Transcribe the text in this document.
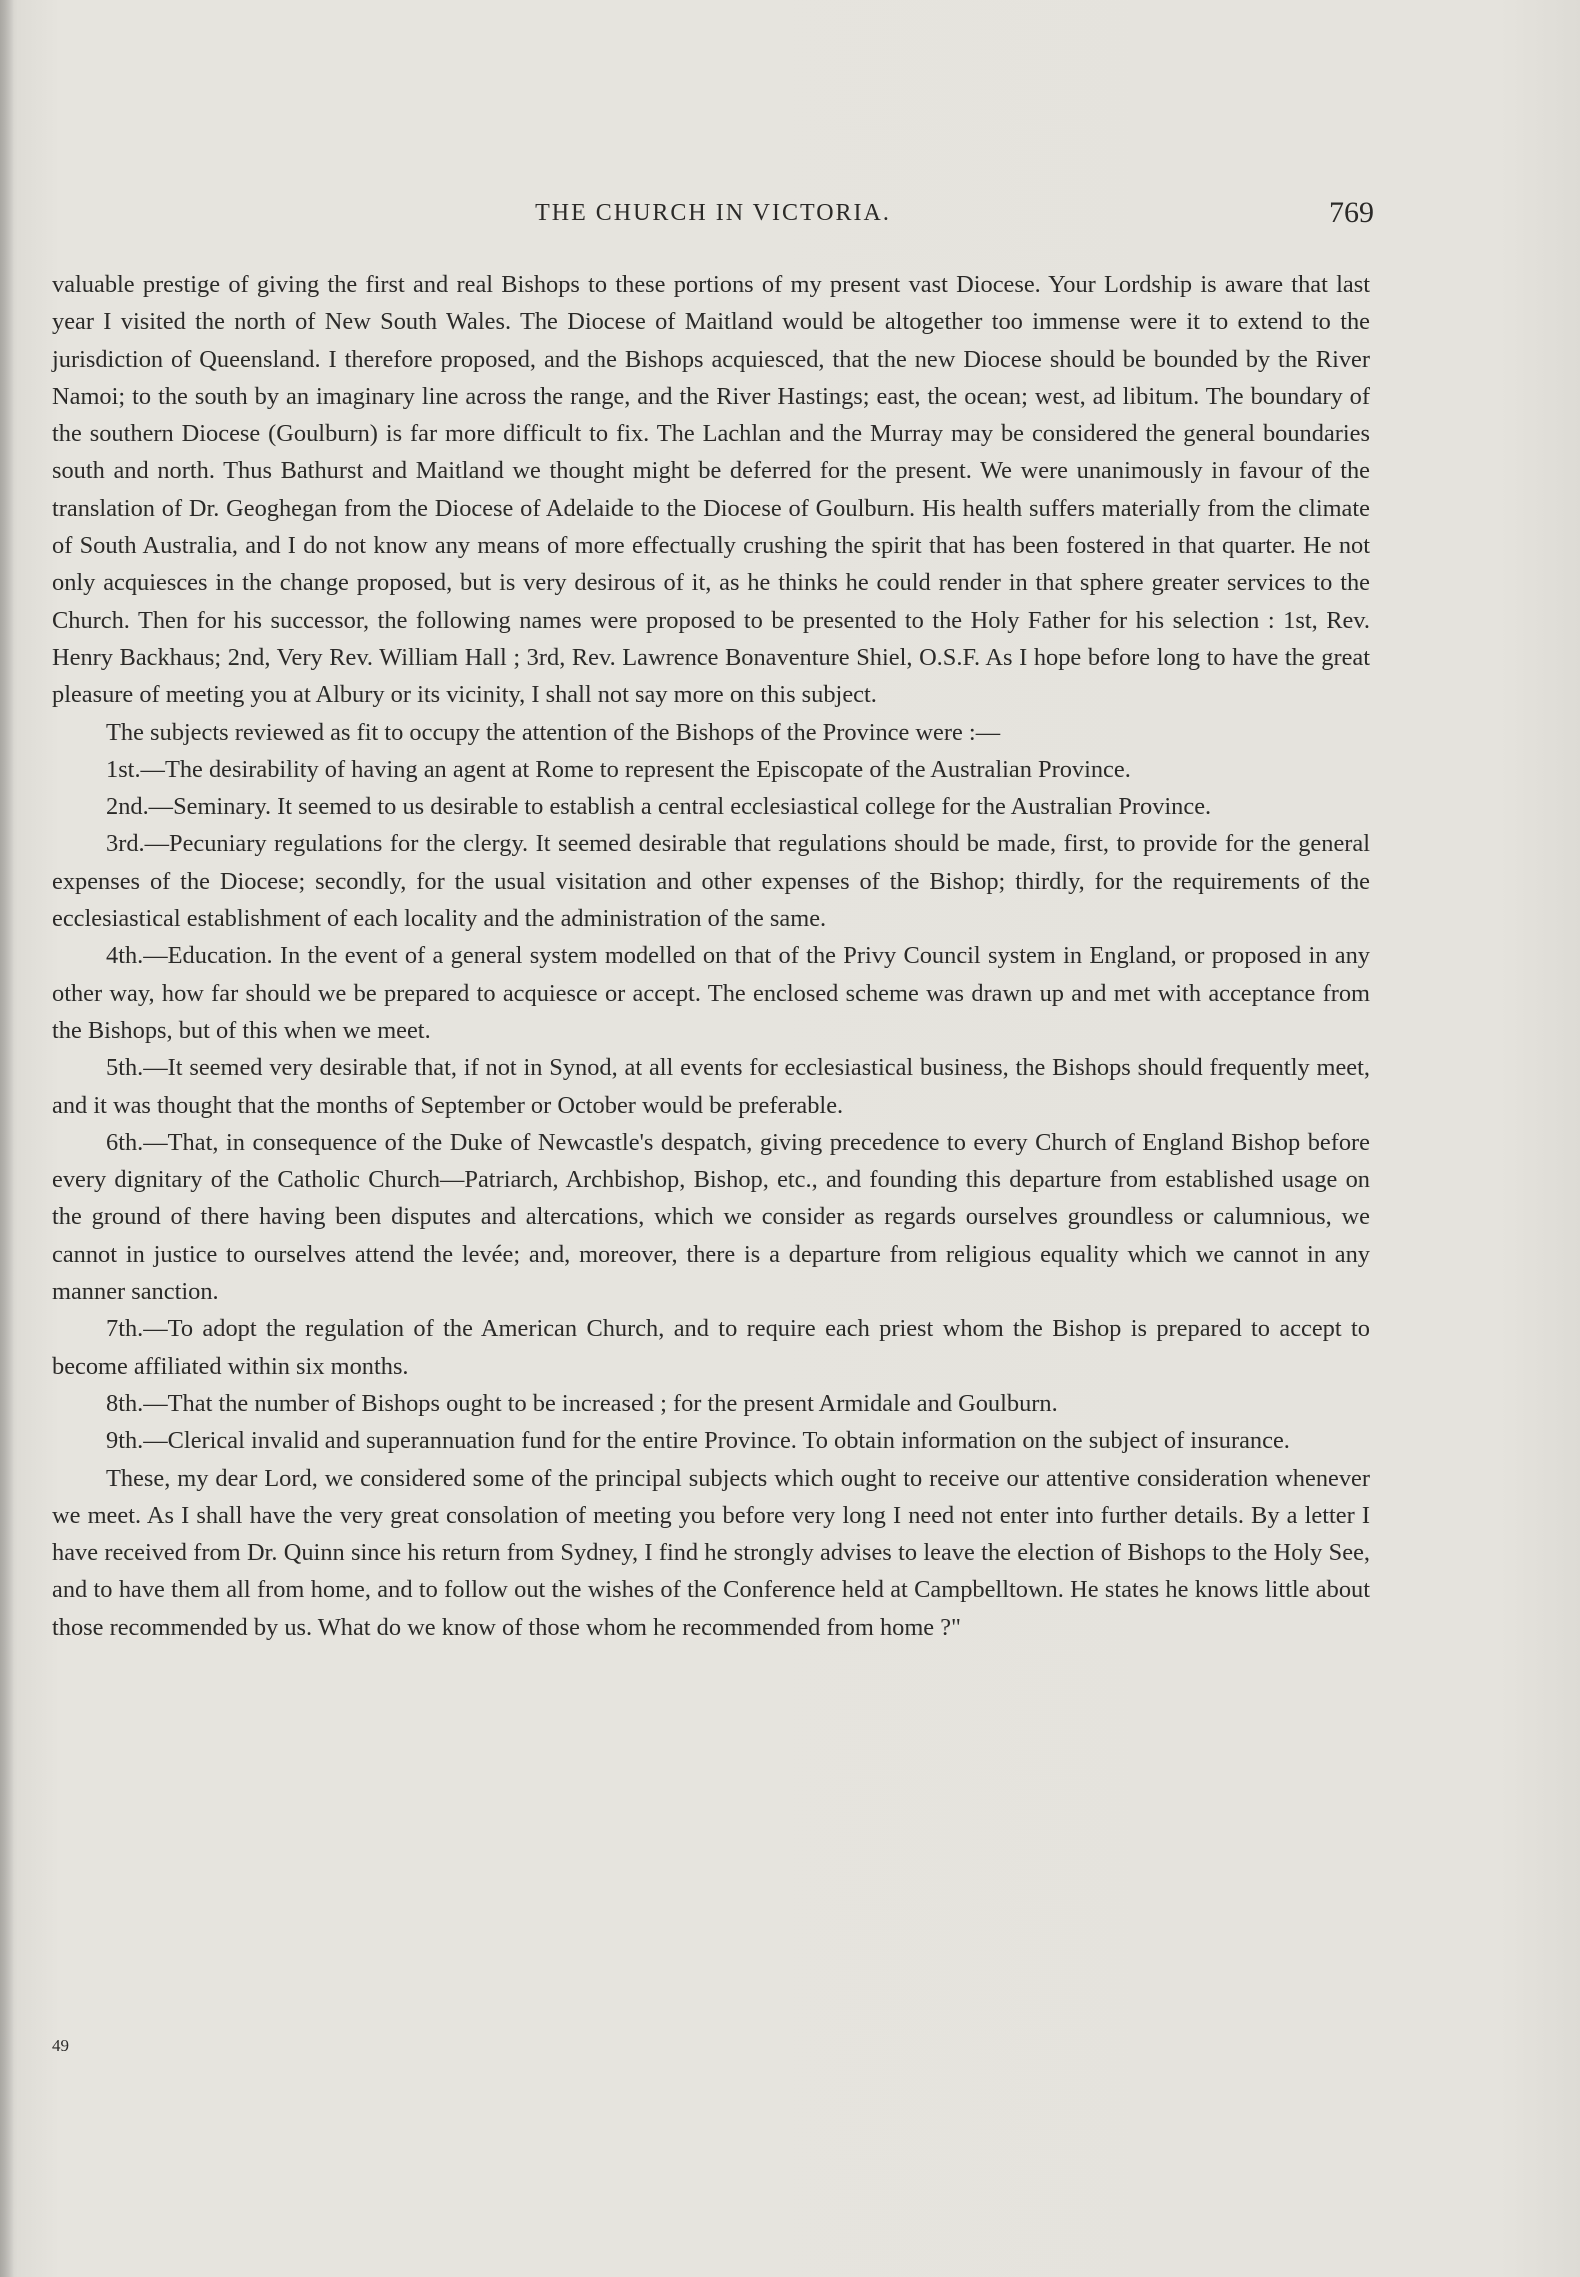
THE CHURCH IN VICTORIA.	769

valuable prestige of giving the first and real Bishops to these portions of my present vast Diocese. Your Lordship is aware that last year I visited the north of New South Wales. The Diocese of Maitland would be altogether too immense were it to extend to the jurisdiction of Queensland. I therefore proposed, and the Bishops acquiesced, that the new Diocese should be bounded by the River Namoi; to the south by an imaginary line across the range, and the River Hastings; east, the ocean; west, ad libitum. The boundary of the southern Diocese (Goulburn) is far more difficult to fix. The Lachlan and the Murray may be considered the general boundaries south and north. Thus Bathurst and Maitland we thought might be deferred for the present. We were unanimously in favour of the translation of Dr. Geoghegan from the Diocese of Adelaide to the Diocese of Goulburn. His health suffers materially from the climate of South Australia, and I do not know any means of more effectually crushing the spirit that has been fostered in that quarter. He not only acquiesces in the change proposed, but is very desirous of it, as he thinks he could render in that sphere greater services to the Church. Then for his successor, the following names were proposed to be presented to the Holy Father for his selection : 1st, Rev. Henry Backhaus; 2nd, Very Rev. William Hall ; 3rd, Rev. Lawrence Bonaventure Shiel, O.S.F. As I hope before long to have the great pleasure of meeting you at Albury or its vicinity, I shall not say more on this subject.

The subjects reviewed as fit to occupy the attention of the Bishops of the Province were :—

1st.—The desirability of having an agent at Rome to represent the Episcopate of the Australian Province.

2nd.—Seminary. It seemed to us desirable to establish a central ecclesiastical college for the Australian Province.

3rd.—Pecuniary regulations for the clergy. It seemed desirable that regulations should be made, first, to provide for the general expenses of the Diocese; secondly, for the usual visitation and other expenses of the Bishop; thirdly, for the requirements of the ecclesiastical establishment of each locality and the administration of the same.

4th.—Education. In the event of a general system modelled on that of the Privy Council system in England, or proposed in any other way, how far should we be prepared to acquiesce or accept. The enclosed scheme was drawn up and met with acceptance from the Bishops, but of this when we meet.

5th.—It seemed very desirable that, if not in Synod, at all events for ecclesiastical business, the Bishops should frequently meet, and it was thought that the months of September or October would be preferable.

6th.—That, in consequence of the Duke of Newcastle's despatch, giving precedence to every Church of England Bishop before every dignitary of the Catholic Church—Patriarch, Archbishop, Bishop, etc., and founding this departure from established usage on the ground of there having been disputes and altercations, which we consider as regards ourselves groundless or calumnious, we cannot in justice to ourselves attend the levée; and, moreover, there is a departure from religious equality which we cannot in any manner sanction.

7th.—To adopt the regulation of the American Church, and to require each priest whom the Bishop is prepared to accept to become affiliated within six months.

8th.—That the number of Bishops ought to be increased ; for the present Armidale and Goulburn.

9th.—Clerical invalid and superannuation fund for the entire Province. To obtain information on the subject of insurance.

These, my dear Lord, we considered some of the principal subjects which ought to receive our attentive consideration whenever we meet. As I shall have the very great consolation of meeting you before very long I need not enter into further details. By a letter I have received from Dr. Quinn since his return from Sydney, I find he strongly advises to leave the election of Bishops to the Holy See, and to have them all from home, and to follow out the wishes of the Conference held at Campbelltown. He states he knows little about those recommended by us. What do we know of those whom he recommended from home ?"

49
